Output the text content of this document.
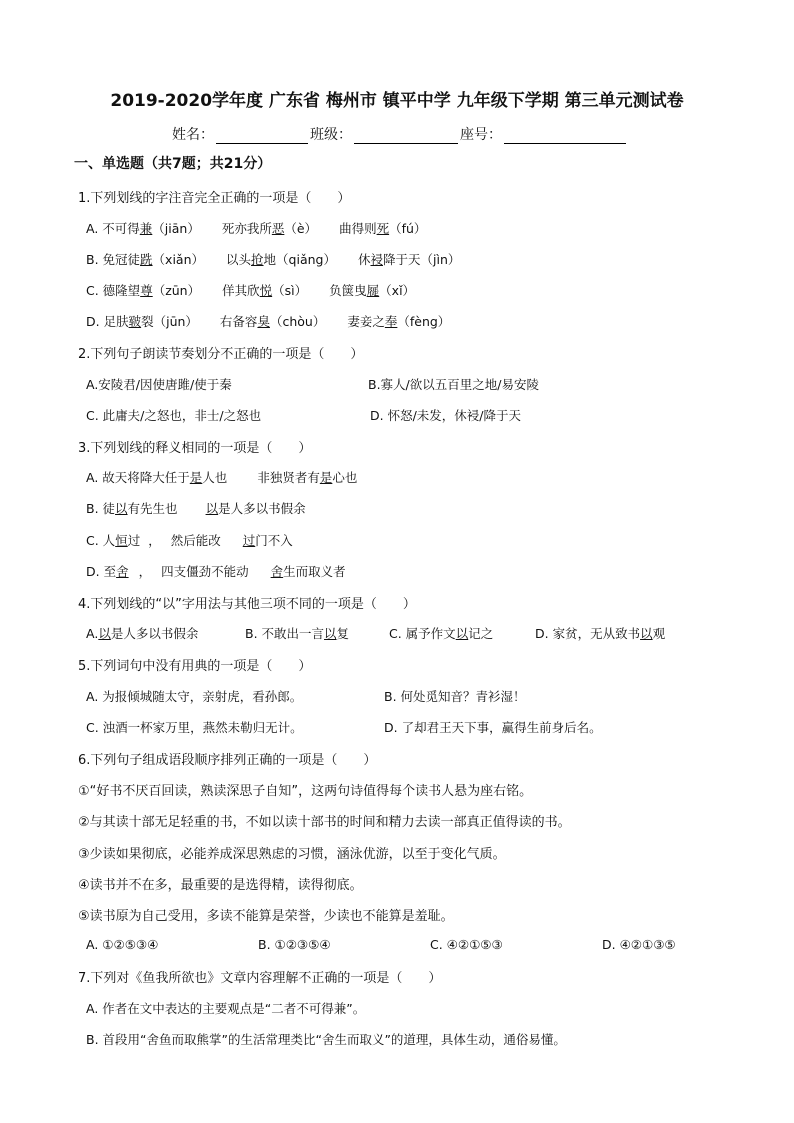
2019-2020学年度 广东省 梅州市 镇平中学 九年级下学期 第三单元测试卷
姓名：	班级：	座号：
一、单选题（共7题；共21分）
1.下列划线的字注音完全正确的一项是（　　）
A. 不可得兼（jiān） 死亦我所恶（è） 曲得则死（fú）
B. 免冠徒跣（xiǎn） 以头抢地（qiǎng） 休祲降于天（jìn）
C. 德隆望尊（zūn） 佯其欣悦（sì） 负箧曳屣（xǐ）
D. 足肤皲裂（jūn） 右备容臭（chòu） 妻妾之奉（fèng）
2.下列句子朗读节奏划分不正确的一项是（　　）
A.安陵君/因使唐雎/使于秦	B.寡人/欲以五百里之地/易安陵
C. 此庸夫/之怒也，非士/之怒也	D. 怀怒/未发，休祲/降于天
3.下列划线的释义相同的一项是（　　）
A. 故天将降大任于是人也 非独贤者有是心也
B. 徒以有先生也 以是人多以书假余
C. 人恒过 ， 然后能改 过门不入
D. 至舍 ， 四支僵劲不能动 舍生而取义者
4.下列划线的“以”字用法与其他三项不同的一项是（　　）
A.以是人多以书假余	B. 不敢出一言以复	C. 属予作文以记之	D. 家贫，无从致书以观
5.下列词句中没有用典的一项是（　　）
A. 为报倾城随太守，亲射虎，看孙郎。	B. 何处觅知音？青衫湿！
C. 浊酒一杯家万里，燕然未勒归无计。	D. 了却君王天下事，赢得生前身后名。
6.下列句子组成语段顺序排列正确的一项是（　　）
①“好书不厌百回读，熟读深思子自知”，这两句诗值得每个读书人悬为座右铭。
②与其读十部无足轻重的书，不如以读十部书的时间和精力去读一部真正值得读的书。
③少读如果彻底，必能养成深思熟虑的习惯，涵泳优游，以至于变化气质。
④读书并不在多，最重要的是选得精，读得彻底。
⑤读书原为自己受用，多读不能算是荣誉，少读也不能算是羞耻。
A. ①②⑤③④	B. ①②③⑤④	C. ④②①⑤③	D. ④②①③⑤
7.下列对《鱼我所欲也》文章内容理解不正确的一项是（　　）
A. 作者在文中表达的主要观点是“二者不可得兼”。
B. 首段用“舍鱼而取熊掌”的生活常理类比“舍生而取义”的道理，具体生动，通俗易懂。
